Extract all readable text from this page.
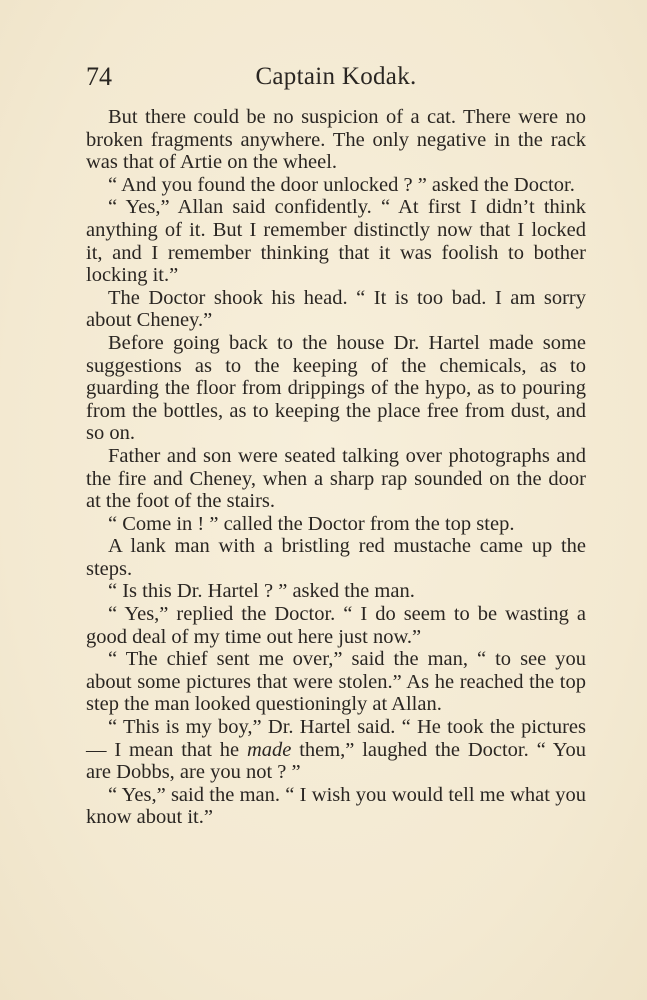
74	Captain Kodak.

But there could be no suspicion of a cat. There were no broken fragments anywhere. The only negative in the rack was that of Artie on the wheel.

“ And you found the door unlocked ? ” asked the Doctor.

“ Yes,” Allan said confidently. “ At first I didn’t think anything of it. But I remember distinctly now that I locked it, and I remember thinking that it was foolish to bother locking it.”

The Doctor shook his head. “ It is too bad. I am sorry about Cheney.”

Before going back to the house Dr. Hartel made some suggestions as to the keeping of the chemicals, as to guarding the floor from drippings of the hypo, as to pouring from the bottles, as to keeping the place free from dust, and so on.

Father and son were seated talking over photographs and the fire and Cheney, when a sharp rap sounded on the door at the foot of the stairs.

“ Come in ! ” called the Doctor from the top step.

A lank man with a bristling red mustache came up the steps.

“ Is this Dr. Hartel ? ” asked the man.

“ Yes,” replied the Doctor. “ I do seem to be wasting a good deal of my time out here just now.”

“ The chief sent me over,” said the man, “ to see you about some pictures that were stolen.” As he reached the top step the man looked questioningly at Allan.

“ This is my boy,” Dr. Hartel said. “ He took the pictures — I mean that he made them,” laughed the Doctor. “ You are Dobbs, are you not ? ”

“ Yes,” said the man. “ I wish you would tell me what you know about it.”
